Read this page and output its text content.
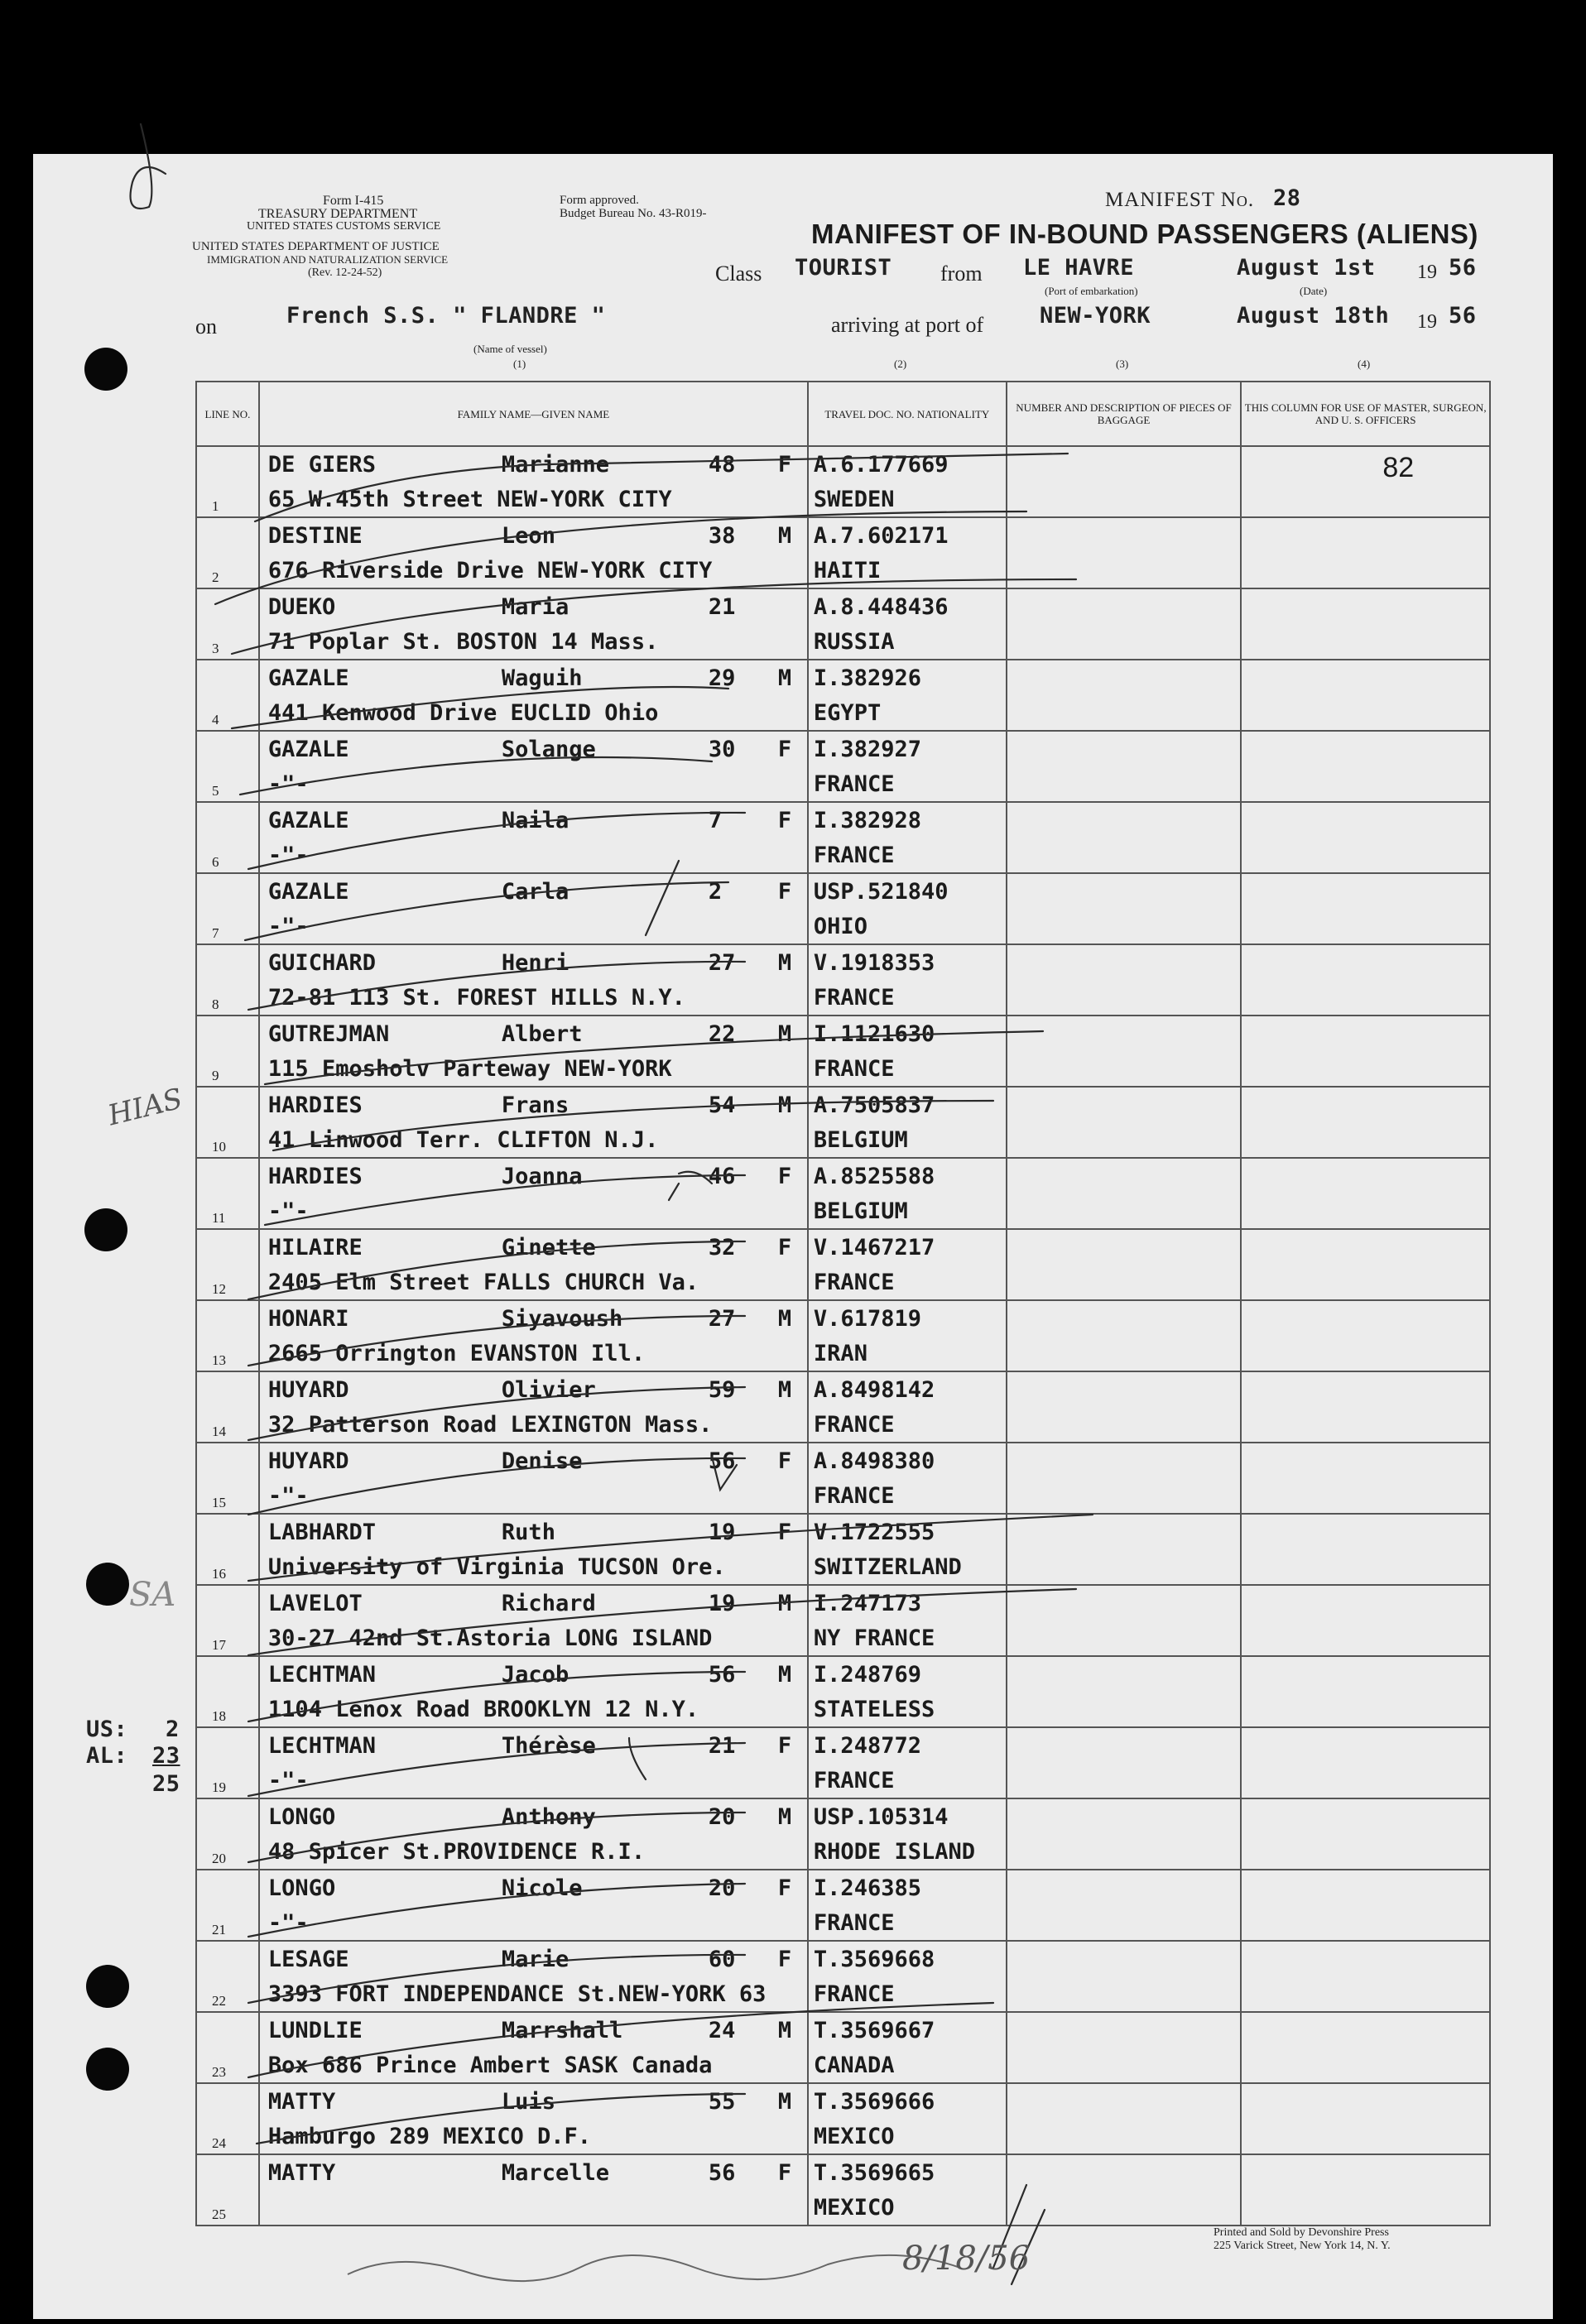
Form I-415
TREASURY DEPARTMENT
UNITED STATES CUSTOMS SERVICE
UNITED STATES DEPARTMENT OF JUSTICE
IMMIGRATION AND NATURALIZATION SERVICE
(Rev. 12-24-52)
Form approved.
Budget Bureau No. 43-R019-
MANIFEST No. 28
MANIFEST OF IN-BOUND PASSENGERS (ALIENS)
Class TOURIST from LE HAVRE
(Port of embarkation)
August 1st 19 56
(Date)
on	French S.S. " FLANDRE "
(Name of vessel)
arriving at port of	NEW-YORK	August 18th 19 56
(1)	(2)	(3)	(4)
LINE NO.	FAMILY NAME—GIVEN NAME	TRAVEL DOC. NO. NATIONALITY	NUMBER AND DESCRIPTION OF PIECES OF BAGGAGE	THIS COLUMN FOR USE OF MASTER, SURGEON, AND U. S. OFFICERS

1	DE GIERS Marianne 48 F
65 W.45th Street NEW-YORK CITY	A.6.177669
SWEDEN		82

2	DESTINE Leon 38 M
676 Riverside Drive NEW-YORK CITY	A.7.602171
HAITI		

3	DUEKO Maria 21
71 Poplar St. BOSTON 14 Mass.	A.8.448436
RUSSIA		

4	GAZALE Waguih 29 M
441 Kenwood Drive EUCLID Ohio	I.382926
EGYPT		

5	GAZALE Solange 30 F
-"-	I.382927
FRANCE		

6	GAZALE Naila 7 F
-"-	I.382928
FRANCE		

7	GAZALE Carla 2 F
-"-	USP.521840
OHIO		

8	GUICHARD Henri 27 M
72-81 113 St. FOREST HILLS N.Y.	V.1918353
FRANCE		

9	GUTREJMAN Albert 22 M
115 Emosholv Parteway NEW-YORK	I.1121630
FRANCE		

10	HARDIES Frans 54 M
41 Linwood Terr. CLIFTON N.J.	A.7505837
BELGIUM		

11	HARDIES Joanna 46 F
-"-	A.8525588
BELGIUM		

12	HILAIRE Ginette 32 F
2405 Elm Street FALLS CHURCH Va.	V.1467217
FRANCE		

13	HONARI Siyavoush 27 M
2665 Orrington EVANSTON Ill.	V.617819
IRAN		

14	HUYARD Olivier 59 M
32 Patterson Road LEXINGTON Mass.	A.8498142
FRANCE		

15	HUYARD Denise 56 F
-"-	A.8498380
FRANCE		

16	LABHARDT Ruth 19 F
University of Virginia TUCSON Ore.	V.1722555
SWITZERLAND		

17	LAVELOT Richard 19 M
30-27 42nd St.Astoria LONG ISLAND	I.247173
NY FRANCE		

18	LECHTMAN Jacob 56 M
1104 Lenox Road BROOKLYN 12 N.Y.	I.248769
STATELESS		

19	LECHTMAN Thérèse 21 F
-"-	I.248772
FRANCE		

20	LONGO Anthony 20 M
48 Spicer St.PROVIDENCE R.I.	USP.105314
RHODE ISLAND		

21	LONGO Nicole 20 F
-"-	I.246385
FRANCE		

22	LESAGE Marie 60 F
3393 FORT INDEPENDANCE St.NEW-YORK 63	T.3569668
FRANCE		

23	LUNDLIE Marrshall 24 M
Box 686 Prince Ambert SASK Canada	T.3569667
CANADA		

24	MATTY Luis 55 M
Hamburgo 289 MEXICO D.F.	T.3569666
MEXICO		

25	MATTY Marcelle 56 F	T.3569665
MEXICO		

HIAS
SA
US: 2
AL: 23
25
8/18/56
Printed and Sold by Devonshire Press
225 Varick Street, New York 14, N. Y.
